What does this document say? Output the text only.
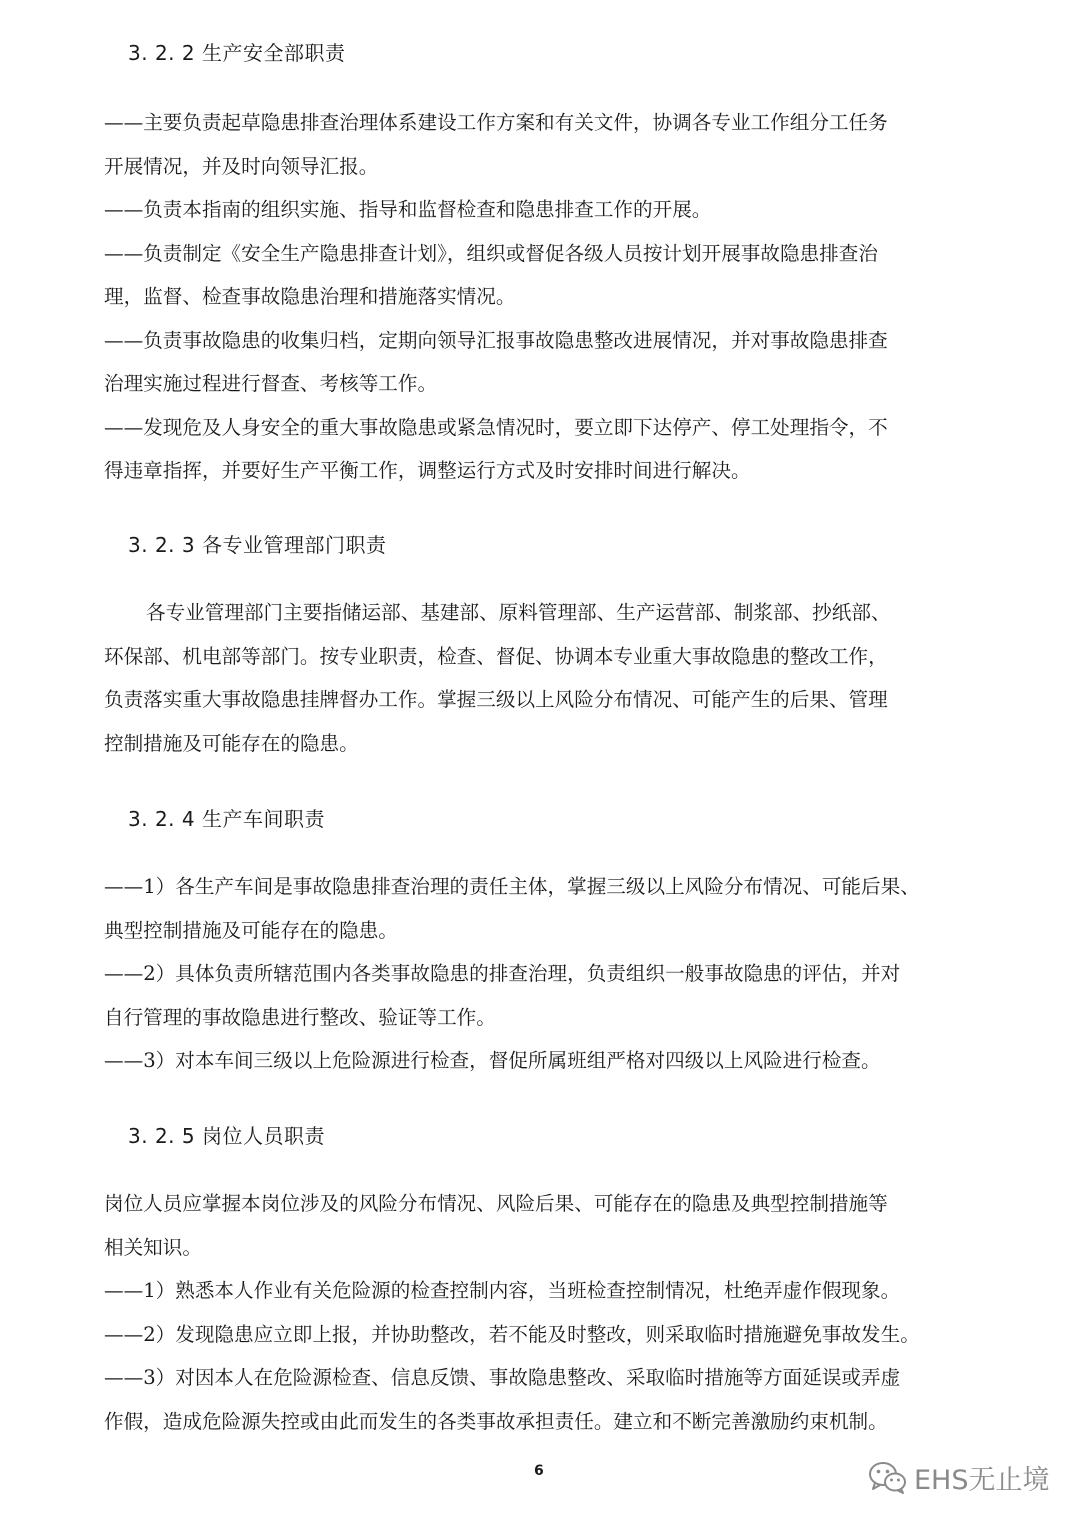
3. 2. 2 生产安全部职责
——主要负责起草隐患排查治理体系建设工作方案和有关文件，协调各专业工作组分工任务
开展情况，并及时向领导汇报。
——负责本指南的组织实施、指导和监督检查和隐患排查工作的开展。
——负责制定《安全生产隐患排查计划》，组织或督促各级人员按计划开展事故隐患排查治
理，监督、检查事故隐患治理和措施落实情况。
——负责事故隐患的收集归档，定期向领导汇报事故隐患整改进展情况，并对事故隐患排查
治理实施过程进行督查、考核等工作。
——发现危及人身安全的重大事故隐患或紧急情况时，要立即下达停产、停工处理指令，不
得违章指挥，并要好生产平衡工作，调整运行方式及时安排时间进行解决。
3. 2. 3 各专业管理部门职责
各专业管理部门主要指储运部、基建部、原料管理部、生产运营部、制浆部、抄纸部、
环保部、机电部等部门。按专业职责，检查、督促、协调本专业重大事故隐患的整改工作，
负责落实重大事故隐患挂牌督办工作。掌握三级以上风险分布情况、可能产生的后果、管理
控制措施及可能存在的隐患。
3. 2. 4 生产车间职责
——1）各生产车间是事故隐患排查治理的责任主体，掌握三级以上风险分布情况、可能后果、
典型控制措施及可能存在的隐患。
——2）具体负责所辖范围内各类事故隐患的排查治理，负责组织一般事故隐患的评估，并对
自行管理的事故隐患进行整改、验证等工作。
——3）对本车间三级以上危险源进行检查，督促所属班组严格对四级以上风险进行检查。
3. 2. 5 岗位人员职责
岗位人员应掌握本岗位涉及的风险分布情况、风险后果、可能存在的隐患及典型控制措施等
相关知识。
——1）熟悉本人作业有关危险源的检查控制内容，当班检查控制情况，杜绝弄虚作假现象。
——2）发现隐患应立即上报，并协助整改，若不能及时整改，则采取临时措施避免事故发生。
——3）对因本人在危险源检查、信息反馈、事故隐患整改、采取临时措施等方面延误或弄虚
作假，造成危险源失控或由此而发生的各类事故承担责任。建立和不断完善激励约束机制。
6	EHS无止境
